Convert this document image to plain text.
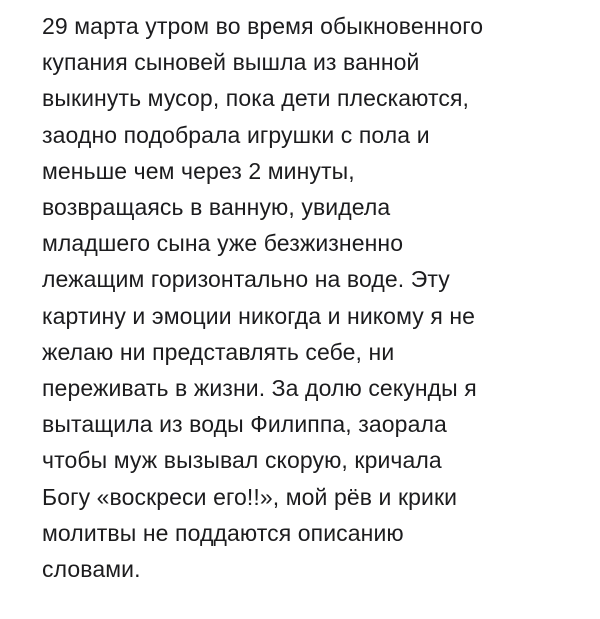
29 марта утром во время обыкновенного
купания сыновей вышла из ванной
выкинуть мусор, пока дети плескаются,
заодно подобрала игрушки с пола и
меньше чем через 2 минуты,
возвращаясь в ванную, увидела
младшего сына уже безжизненно
лежащим горизонтально на воде. Эту
картину и эмоции никогда и никому я не
желаю ни представлять себе, ни
переживать в жизни. За долю секунды я
вытащила из воды Филиппа, заорала
чтобы муж вызывал скорую, кричала
Богу «воскреси его!!», мой рёв и крики
молитвы не поддаются описанию
словами.
